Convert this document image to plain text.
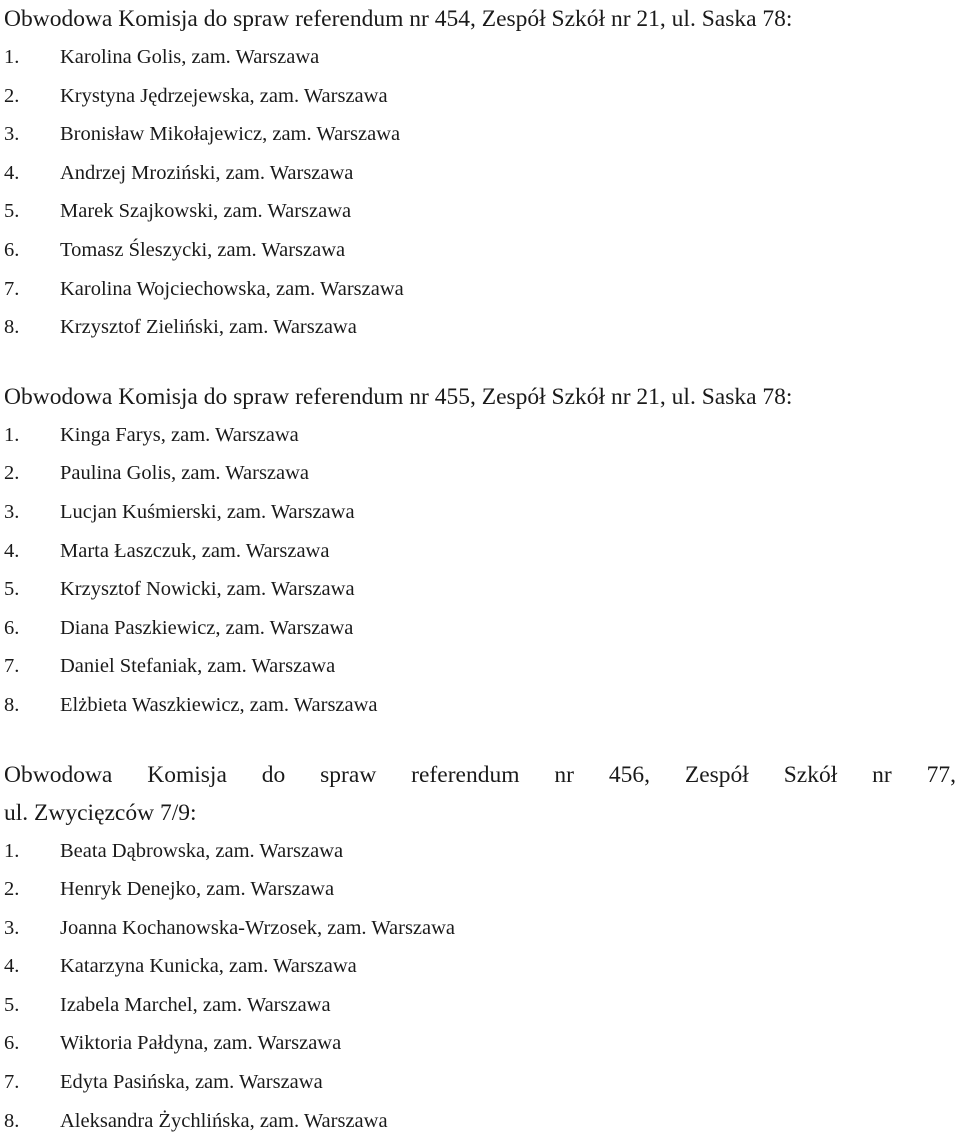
Obwodowa Komisja do spraw referendum nr 454, Zespół Szkół nr 21, ul. Saska 78:

1.	Karolina Golis, zam. Warszawa
2.	Krystyna Jędrzejewska, zam. Warszawa
3.	Bronisław Mikołajewicz, zam. Warszawa
4.	Andrzej Mroziński, zam. Warszawa
5.	Marek Szajkowski, zam. Warszawa
6.	Tomasz Śleszycki, zam. Warszawa
7.	Karolina Wojciechowska, zam. Warszawa
8.	Krzysztof Zieliński, zam. Warszawa

Obwodowa Komisja do spraw referendum nr 455, Zespół Szkół nr 21, ul. Saska 78:

1.	Kinga Farys, zam. Warszawa
2.	Paulina Golis, zam. Warszawa
3.	Lucjan Kuśmierski, zam. Warszawa
4.	Marta Łaszczuk, zam. Warszawa
5.	Krzysztof Nowicki, zam. Warszawa
6.	Diana Paszkiewicz, zam. Warszawa
7.	Daniel Stefaniak, zam. Warszawa
8.	Elżbieta Waszkiewicz, zam. Warszawa

Obwodowa Komisja do spraw referendum nr 456, Zespół Szkół nr 77,

ul. Zwycięzców 7/9:

1.	Beata Dąbrowska, zam. Warszawa
2.	Henryk Denejko, zam. Warszawa
3.	Joanna Kochanowska-Wrzosek, zam. Warszawa
4.	Katarzyna Kunicka, zam. Warszawa
5.	Izabela Marchel, zam. Warszawa
6.	Wiktoria Pałdyna, zam. Warszawa
7.	Edyta Pasińska, zam. Warszawa
8.	Aleksandra Żychlińska, zam. Warszawa
